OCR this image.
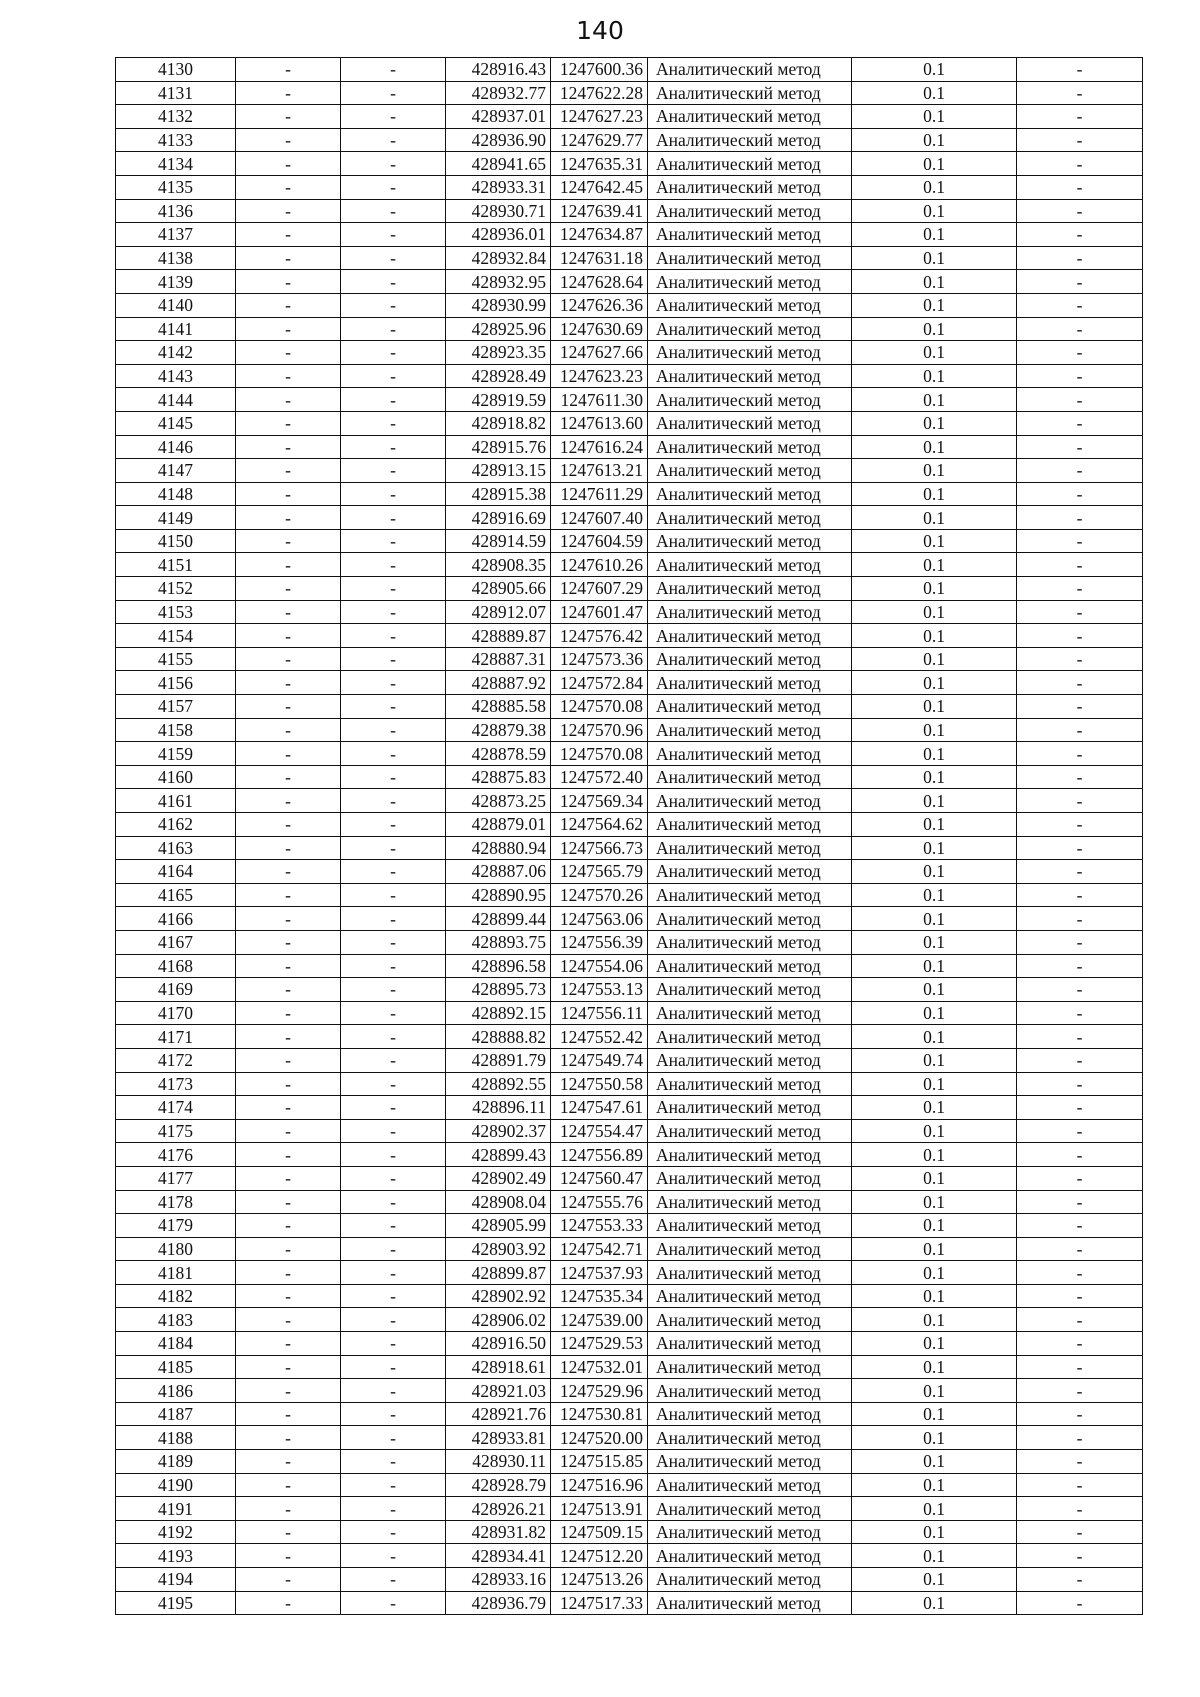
140
4130	-	-	428916.43	1247600.36	Аналитический метод	0.1	-
4131	-	-	428932.77	1247622.28	Аналитический метод	0.1	-
4132	-	-	428937.01	1247627.23	Аналитический метод	0.1	-
4133	-	-	428936.90	1247629.77	Аналитический метод	0.1	-
4134	-	-	428941.65	1247635.31	Аналитический метод	0.1	-
4135	-	-	428933.31	1247642.45	Аналитический метод	0.1	-
4136	-	-	428930.71	1247639.41	Аналитический метод	0.1	-
4137	-	-	428936.01	1247634.87	Аналитический метод	0.1	-
4138	-	-	428932.84	1247631.18	Аналитический метод	0.1	-
4139	-	-	428932.95	1247628.64	Аналитический метод	0.1	-
4140	-	-	428930.99	1247626.36	Аналитический метод	0.1	-
4141	-	-	428925.96	1247630.69	Аналитический метод	0.1	-
4142	-	-	428923.35	1247627.66	Аналитический метод	0.1	-
4143	-	-	428928.49	1247623.23	Аналитический метод	0.1	-
4144	-	-	428919.59	1247611.30	Аналитический метод	0.1	-
4145	-	-	428918.82	1247613.60	Аналитический метод	0.1	-
4146	-	-	428915.76	1247616.24	Аналитический метод	0.1	-
4147	-	-	428913.15	1247613.21	Аналитический метод	0.1	-
4148	-	-	428915.38	1247611.29	Аналитический метод	0.1	-
4149	-	-	428916.69	1247607.40	Аналитический метод	0.1	-
4150	-	-	428914.59	1247604.59	Аналитический метод	0.1	-
4151	-	-	428908.35	1247610.26	Аналитический метод	0.1	-
4152	-	-	428905.66	1247607.29	Аналитический метод	0.1	-
4153	-	-	428912.07	1247601.47	Аналитический метод	0.1	-
4154	-	-	428889.87	1247576.42	Аналитический метод	0.1	-
4155	-	-	428887.31	1247573.36	Аналитический метод	0.1	-
4156	-	-	428887.92	1247572.84	Аналитический метод	0.1	-
4157	-	-	428885.58	1247570.08	Аналитический метод	0.1	-
4158	-	-	428879.38	1247570.96	Аналитический метод	0.1	-
4159	-	-	428878.59	1247570.08	Аналитический метод	0.1	-
4160	-	-	428875.83	1247572.40	Аналитический метод	0.1	-
4161	-	-	428873.25	1247569.34	Аналитический метод	0.1	-
4162	-	-	428879.01	1247564.62	Аналитический метод	0.1	-
4163	-	-	428880.94	1247566.73	Аналитический метод	0.1	-
4164	-	-	428887.06	1247565.79	Аналитический метод	0.1	-
4165	-	-	428890.95	1247570.26	Аналитический метод	0.1	-
4166	-	-	428899.44	1247563.06	Аналитический метод	0.1	-
4167	-	-	428893.75	1247556.39	Аналитический метод	0.1	-
4168	-	-	428896.58	1247554.06	Аналитический метод	0.1	-
4169	-	-	428895.73	1247553.13	Аналитический метод	0.1	-
4170	-	-	428892.15	1247556.11	Аналитический метод	0.1	-
4171	-	-	428888.82	1247552.42	Аналитический метод	0.1	-
4172	-	-	428891.79	1247549.74	Аналитический метод	0.1	-
4173	-	-	428892.55	1247550.58	Аналитический метод	0.1	-
4174	-	-	428896.11	1247547.61	Аналитический метод	0.1	-
4175	-	-	428902.37	1247554.47	Аналитический метод	0.1	-
4176	-	-	428899.43	1247556.89	Аналитический метод	0.1	-
4177	-	-	428902.49	1247560.47	Аналитический метод	0.1	-
4178	-	-	428908.04	1247555.76	Аналитический метод	0.1	-
4179	-	-	428905.99	1247553.33	Аналитический метод	0.1	-
4180	-	-	428903.92	1247542.71	Аналитический метод	0.1	-
4181	-	-	428899.87	1247537.93	Аналитический метод	0.1	-
4182	-	-	428902.92	1247535.34	Аналитический метод	0.1	-
4183	-	-	428906.02	1247539.00	Аналитический метод	0.1	-
4184	-	-	428916.50	1247529.53	Аналитический метод	0.1	-
4185	-	-	428918.61	1247532.01	Аналитический метод	0.1	-
4186	-	-	428921.03	1247529.96	Аналитический метод	0.1	-
4187	-	-	428921.76	1247530.81	Аналитический метод	0.1	-
4188	-	-	428933.81	1247520.00	Аналитический метод	0.1	-
4189	-	-	428930.11	1247515.85	Аналитический метод	0.1	-
4190	-	-	428928.79	1247516.96	Аналитический метод	0.1	-
4191	-	-	428926.21	1247513.91	Аналитический метод	0.1	-
4192	-	-	428931.82	1247509.15	Аналитический метод	0.1	-
4193	-	-	428934.41	1247512.20	Аналитический метод	0.1	-
4194	-	-	428933.16	1247513.26	Аналитический метод	0.1	-
4195	-	-	428936.79	1247517.33	Аналитический метод	0.1	-
